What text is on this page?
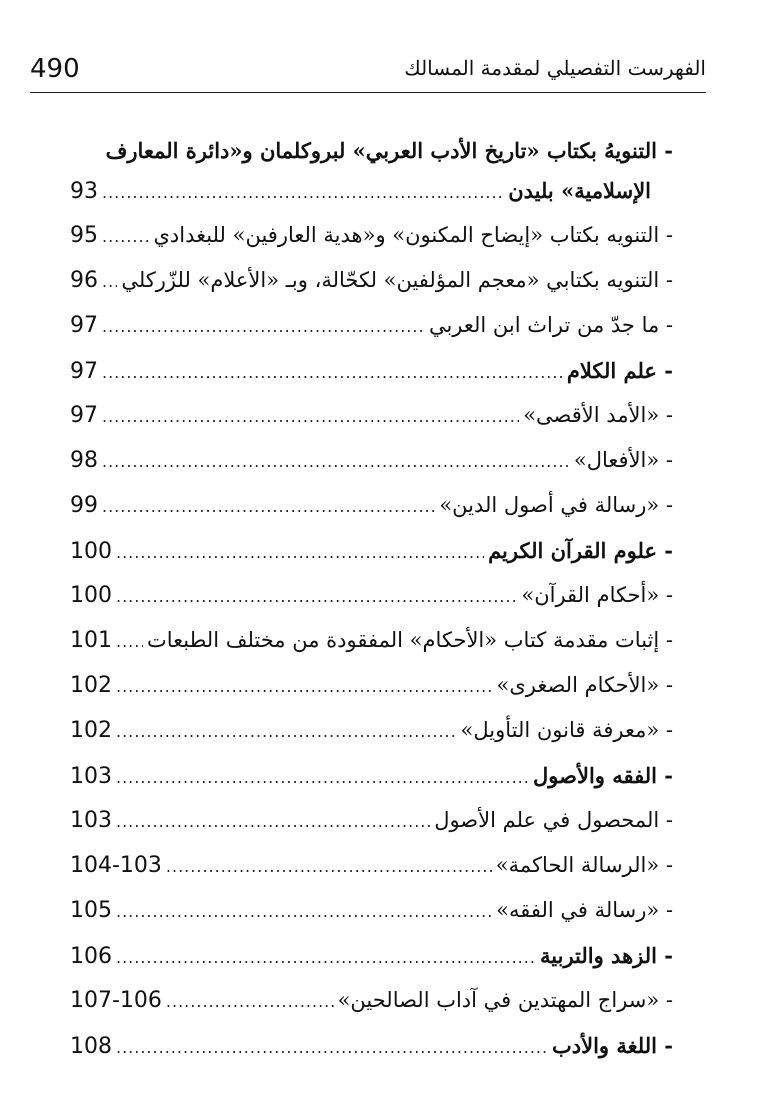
490	الفهرست التفصيلي لمقدمة المسالك
- التنويهُ بكتاب «تاريخ الأدب العربي» لبروكلمان و«دائرة المعارف
الإسلامية» بليدن
.....
93
- التنويه بكتاب «إيضاح المكنون» و«هدية العارفين» للبغدادي
.....
95
- التنويه بكتابي «معجم المؤلفين» لكحّالة، وبـ «الأعلام» للزّركلي
.....
96
- ما جدّ من تراث ابن العربي
.....
97
- علم الكلام
.....
97
- «الأمد الأقصى»
.....
97
- «الأفعال»
.....
98
- «رسالة في أصول الدين»
.....
99
- علوم القرآن الكريم
.....
100
- «أحكام القرآن»
.....
100
- إثبات مقدمة كتاب «الأحكام» المفقودة من مختلف الطبعات
.....
101
- «الأحكام الصغرى»
.....
102
- «معرفة قانون التأويل»
.....
102
- الفقه والأصول
.....
103
- المحصول في علم الأصول
.....
103
- «الرسالة الحاكمة»
.....
104-103
- «رسالة في الفقه»
.....
105
- الزهد والتربية
.....
106
- «سراج المهتدين في آداب الصالحين»
.....
107-106
- اللغة والأدب
.....
108
